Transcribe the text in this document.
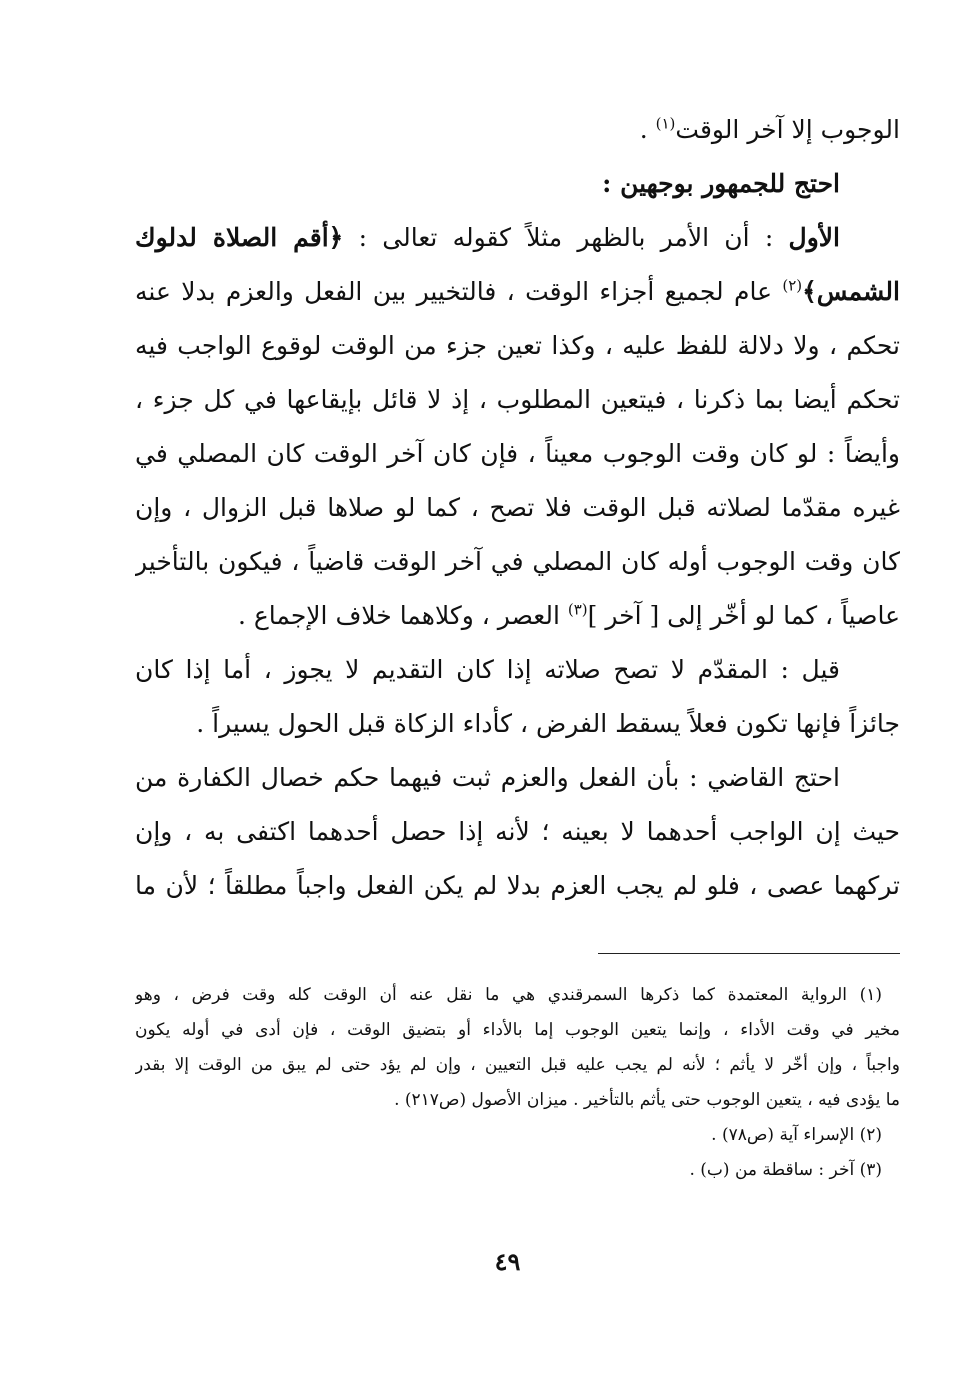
الوجوب إلا آخر الوقت$^{(١)}$ .
احتج للجمهور بوجهين :
الأول : أن الأمر بالظهر مثلاً كقوله تعالى : ﴿أقم الصلاة لدلوك
الشمس﴾$^{(٢)}$ عام لجميع أجزاء الوقت ، فالتخيير بين الفعل والعزم بدلا عنه
تحكم ، ولا دلالة للفظ عليه ، وكذا تعين جزء من الوقت لوقوع الواجب فيه
تحكم أيضا بما ذكرنا ، فيتعين المطلوب ، إذ لا قائل بإيقاعها في كل جزء ،
وأيضاً : لو كان وقت الوجوب معيناً ، فإن كان آخر الوقت كان المصلي في
غيره مقدّما لصلاته قبل الوقت فلا تصح ، كما لو صلاها قبل الزوال ، وإن
كان وقت الوجوب أوله كان المصلي في آخر الوقت قاضياً ، فيكون بالتأخير
عاصياً ، كما لو أخّر إلى [ آخر ]$^{(٣)}$ العصر ، وكلاهما خلاف الإجماع .
قيل : المقدّم لا تصح صلاته إذا كان التقديم لا يجوز ، أما إذا كان
جائزاً فإنها تكون فعلاً يسقط الفرض ، كأداء الزكاة قبل الحول يسيراً .
احتج القاضي : بأن الفعل والعزم ثبت فيهما حكم خصال الكفارة من
حيث إن الواجب أحدهما لا بعينه ؛ لأنه إذا حصل أحدهما اكتفى به ، وإن
تركهما عصى ، فلو لم يجب العزم بدلا لم يكن الفعل واجباً مطلقاً ؛ لأن ما
(١) الرواية المعتمدة كما ذكرها السمرقندي هي ما نقل عنه أن الوقت كله وقت فرض ، وهو
مخير في وقت الأداء ، وإنما يتعين الوجوب إما بالأداء أو بتضيق الوقت ، فإن أدى في أوله يكون
واجباً ، وإن أخّر لا يأثم ؛ لأنه لم يجب عليه قبل التعيين ، وإن لم يؤد حتى لم يبق من الوقت إلا بقدر
ما يؤدى فيه ، يتعين الوجوب حتى يأثم بالتأخير . ميزان الأصول (ص٢١٧) .
(٢) الإسراء آية (ص٧٨) .
(٣) آخر : ساقطة من (ب) .
٤٩
